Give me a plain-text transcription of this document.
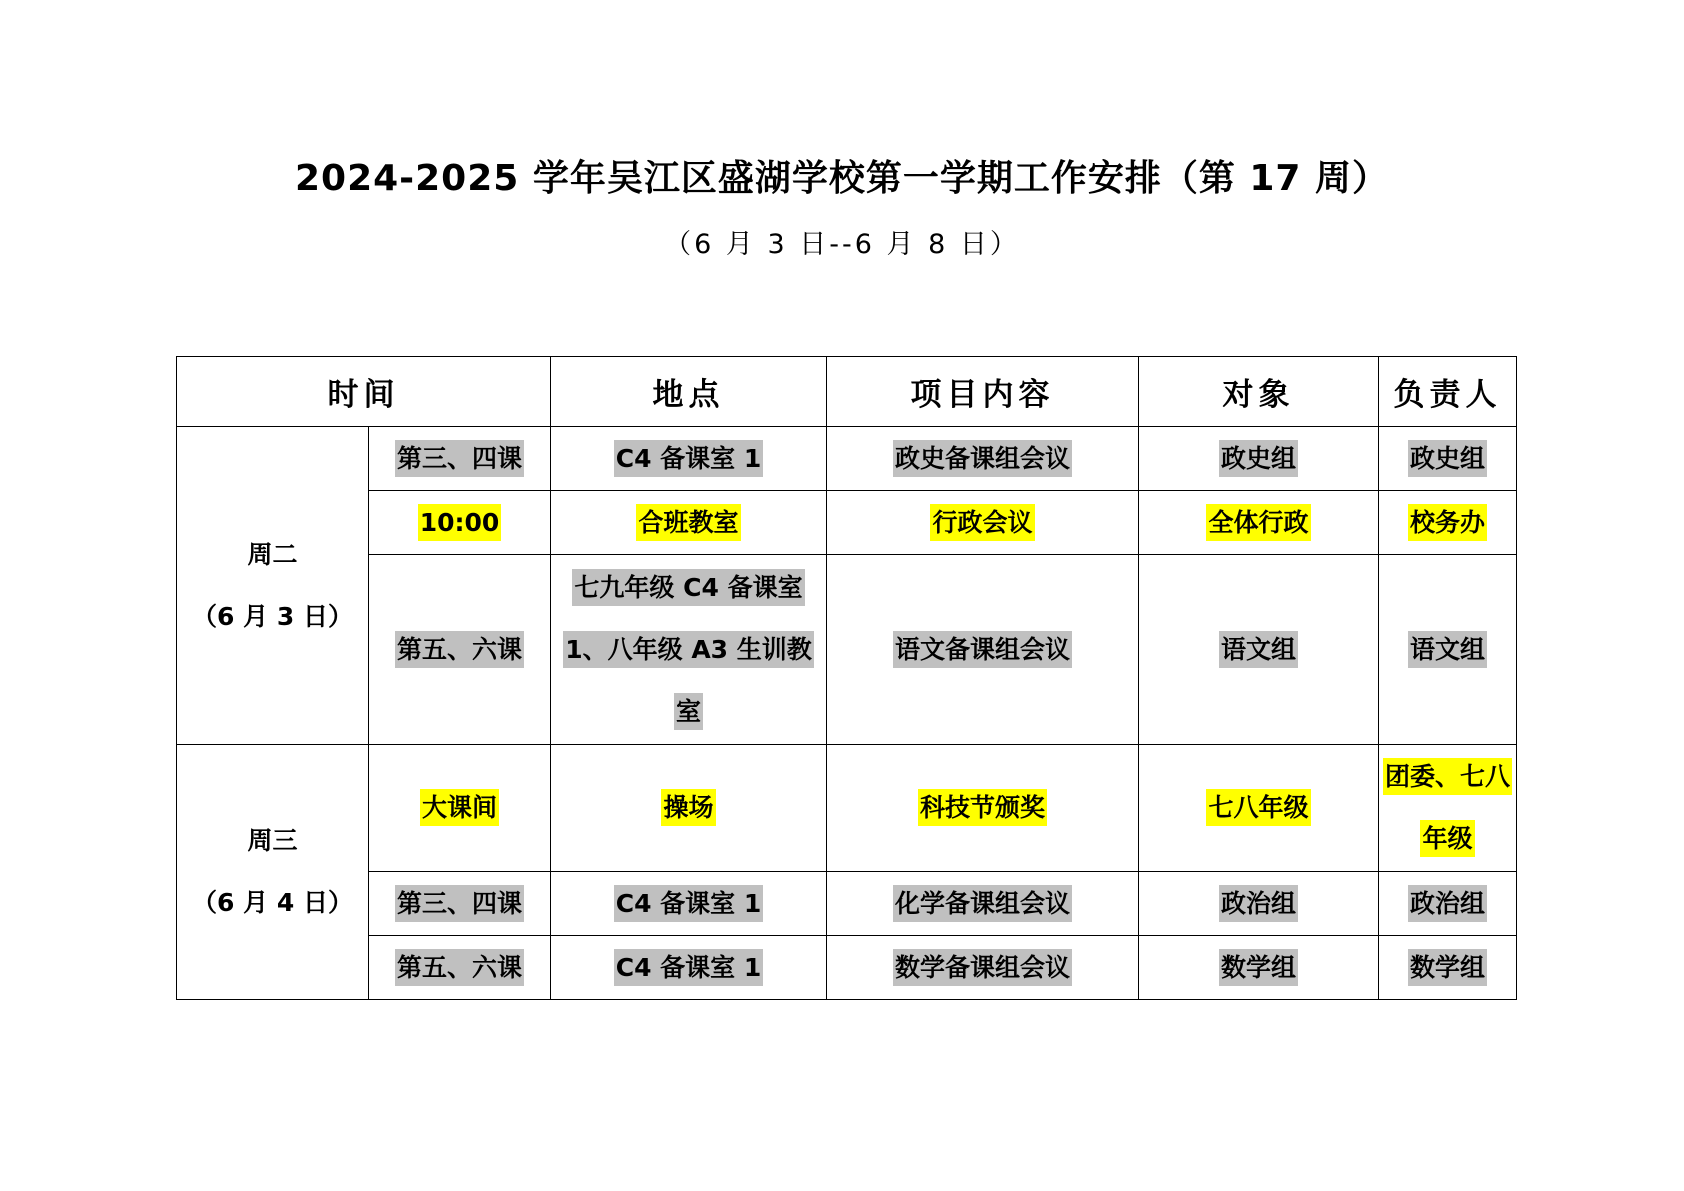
2024-2025 学年吴江区盛湖学校第一学期工作安排（第 17 周）
（6 月 3 日--6 月 8 日）
时间		地点	项目内容	对象	负责人
周二
（6 月 3 日）	第三、四课	C4 备课室 1	政史备课组会议	政史组	政史组
	10:00	合班教室	行政会议	全体行政	校务办
	第五、六课	七九年级 C4 备课室 1、八年级 A3 生训教室	语文备课组会议	语文组	语文组
周三
（6 月 4 日）	大课间	操场	科技节颁奖	七八年级	团委、七八年级
	第三、四课	C4 备课室 1	化学备课组会议	政治组	政治组
	第五、六课	C4 备课室 1	数学备课组会议	数学组	数学组
